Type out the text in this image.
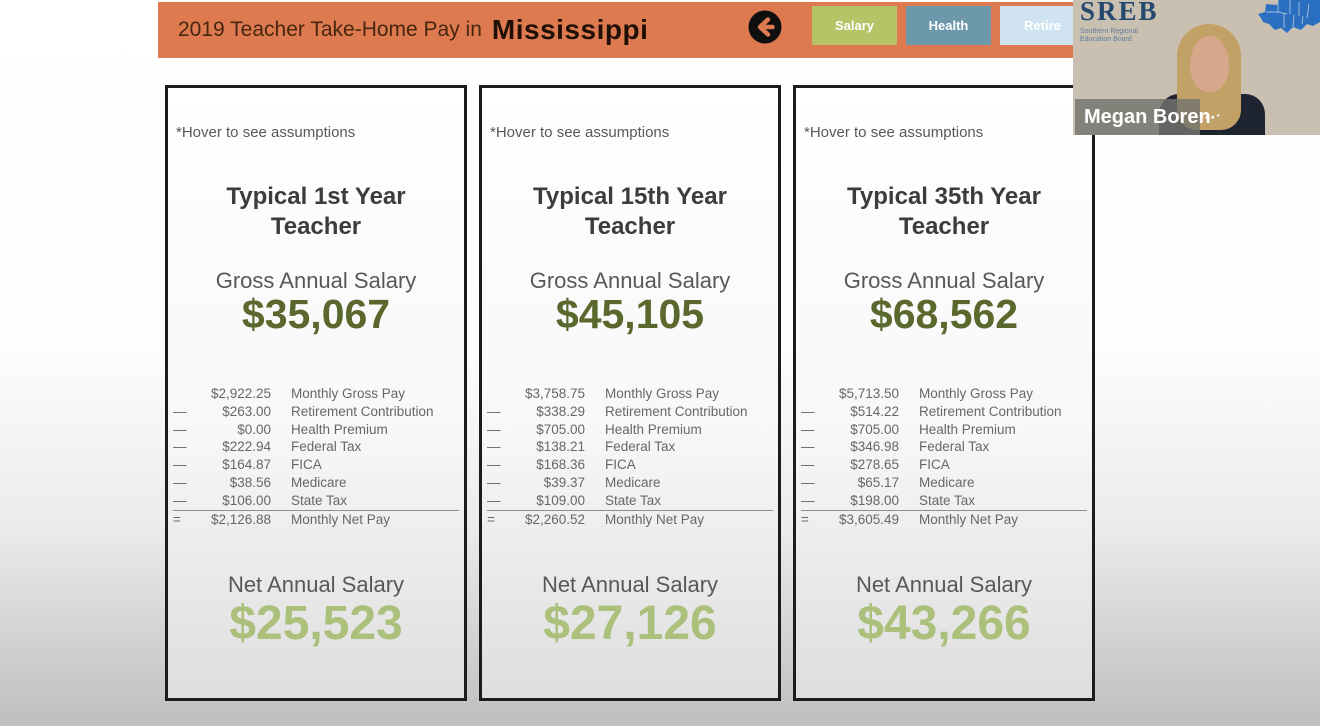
2019 Teacher Take-Home Pay in Mississippi	Salary	Health	Retire
*Hover to see assumptions
Typical 1st Year Teacher
Gross Annual Salary
$35,067
$2,922.25 Monthly Gross Pay
—	$263.00 Retirement Contribution
—	$0.00 Health Premium
—	$222.94 Federal Tax
—	$164.87 FICA
—	$38.56 Medicare
—	$106.00 State Tax
=	$2,126.88 Monthly Net Pay
Net Annual Salary
$25,523
*Hover to see assumptions
Typical 15th Year Teacher
Gross Annual Salary
$45,105
$3,758.75 Monthly Gross Pay
—	$338.29 Retirement Contribution
—	$705.00 Health Premium
—	$138.21 Federal Tax
—	$168.36 FICA
—	$39.37 Medicare
—	$109.00 State Tax
=	$2,260.52 Monthly Net Pay
Net Annual Salary
$27,126
*Hover to see assumptions
Typical 35th Year Teacher
Gross Annual Salary
$68,562
$5,713.50 Monthly Gross Pay
—	$514.22 Retirement Contribution
—	$705.00 Health Premium
—	$346.98 Federal Tax
—	$278.65 FICA
—	$65.17 Medicare
—	$198.00 State Tax
=	$3,605.49 Monthly Net Pay
Net Annual Salary
$43,266
SREB
Southern Regional
Education Board
Megan Boren
